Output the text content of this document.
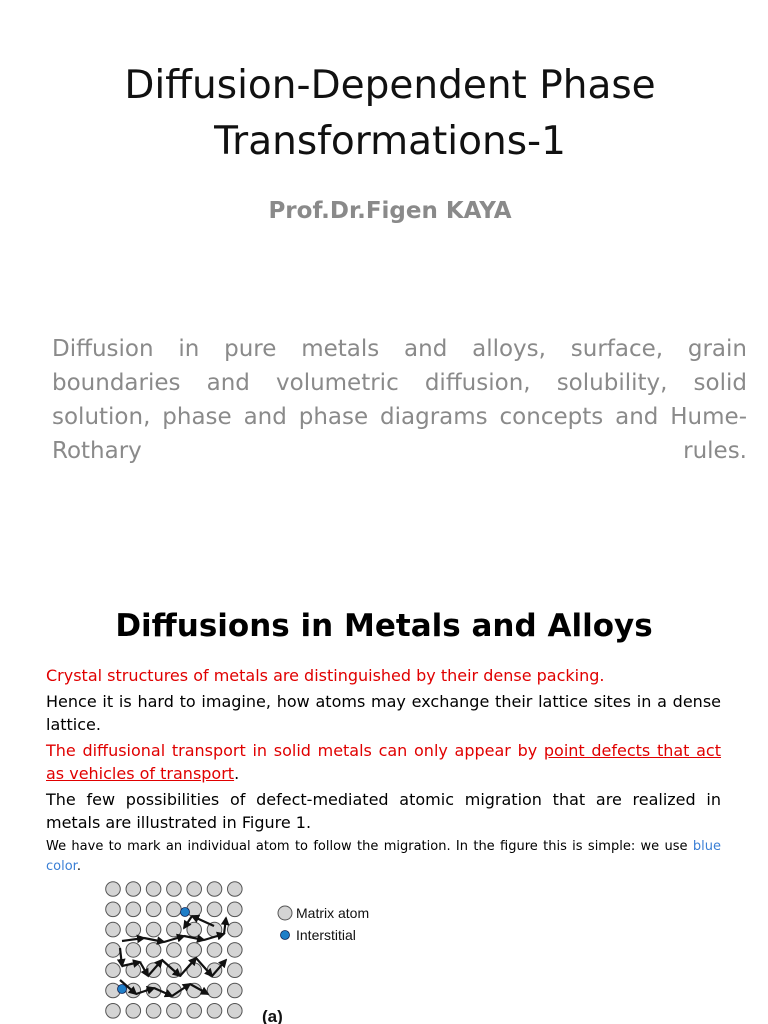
Diffusion-Dependent Phase
Transformations-1
Prof.Dr.Figen KAYA
Diffusion in pure metals and alloys, surface, grain boundaries and volumetric diffusion, solubility, solid solution, phase and phase diagrams concepts and Hume-Rothary rules.
Diffusions in Metals and Alloys

Crystal structures of metals are distinguished by their dense packing.

Hence it is hard to imagine, how atoms may exchange their lattice sites in a dense lattice.

The diffusional transport in solid metals can only appear by point defects that act as vehicles of transport.

The few possibilities of defect-mediated atomic migration that are realized in metals are illustrated in Figure 1.

We have to mark an individual atom to follow the migration. In the figure this is simple: we use blue color.

Matrix atom
Interstitial
(a)
